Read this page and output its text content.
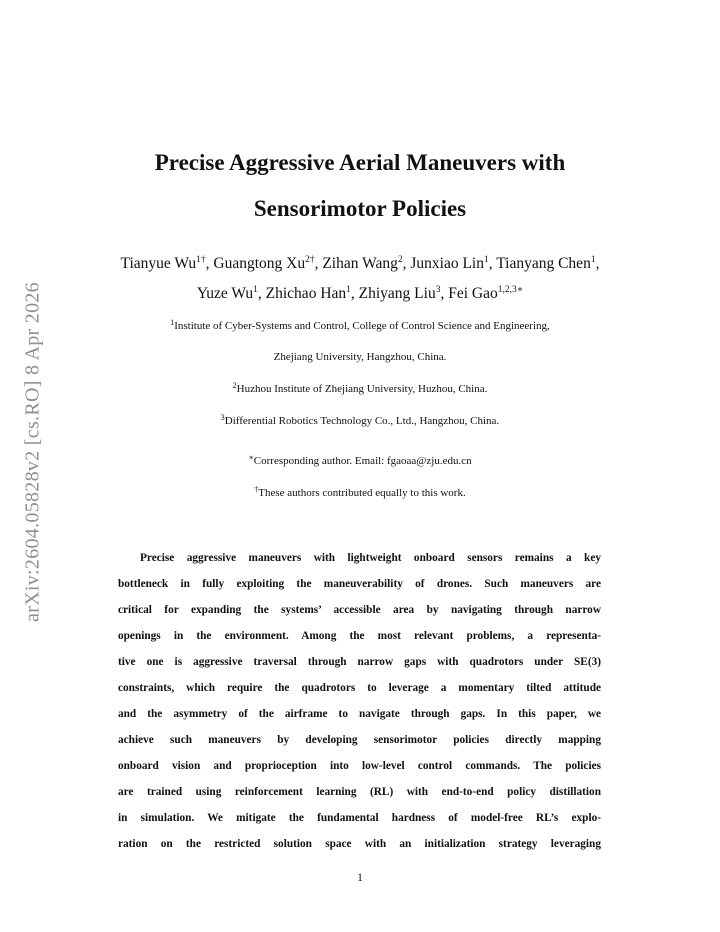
arXiv:2604.05828v2 [cs.RO] 8 Apr 2026
Precise Aggressive Aerial Maneuvers with
Sensorimotor Policies
Tianyue $Wu^{1\dagger}$, Guangtong $Xu^{2\dagger}$, Zihan Wang$^2$, Junxiao Lin$^1$, Tianyang Chen$^1$,
Yuze Wu$^1$, Zhichao Han$^1$, Zhiyang Liu$^3$, Fei Gao$^{1,2,3∗}$
$^1$Institute of Cyber-Systems and Control, College of Control Science and Engineering,
Zhejiang University, Hangzhou, China.
$^2$Huzhou Institute of Zhejiang University, Huzhou, China.
$^3$Differential Robotics Technology Co., Ltd., Hangzhou, China.
∗Corresponding author. Email: fgaoaa@zju.edu.cn
†These authors contributed equally to this work.
Precise aggressive maneuvers with lightweight onboard sensors remains a key
bottleneck in fully exploiting the maneuverability of drones. Such maneuvers are
critical for expanding the systems’ accessible area by navigating through narrow
openings in the environment. Among the most relevant problems, a representa-
tive one is aggressive traversal through narrow gaps with quadrotors under SE(3)
constraints, which require the quadrotors to leverage a momentary tilted attitude
and the asymmetry of the airframe to navigate through gaps. In this paper, we
achieve such maneuvers by developing sensorimotor policies directly mapping
onboard vision and proprioception into low-level control commands. The policies
are trained using reinforcement learning (RL) with end-to-end policy distillation
in simulation. We mitigate the fundamental hardness of model-free RL’s explo-
ration on the restricted solution space with an initialization strategy leveraging
1
